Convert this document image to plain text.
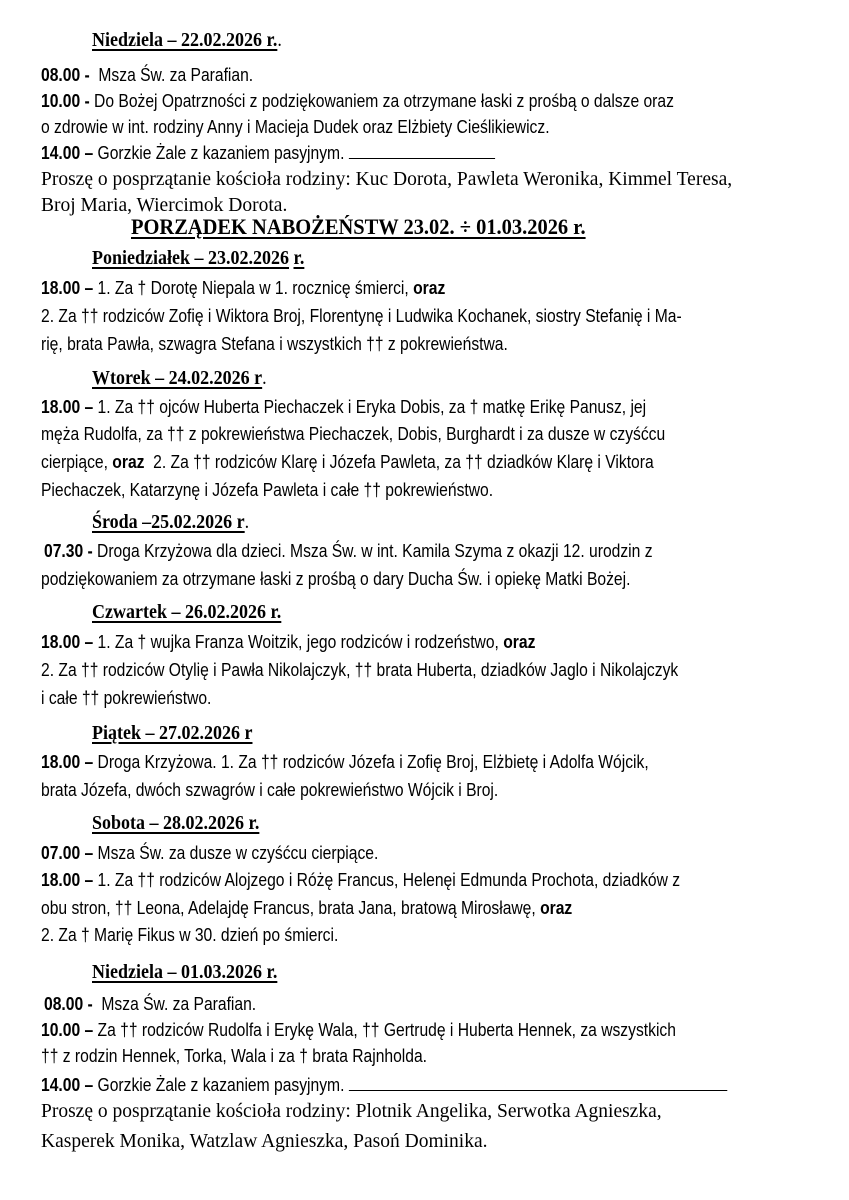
Niedziela – 22.02.2026 r..
08.00 -  Msza Św. za Parafian.
10.00 - Do Bożej Opatrzności z podziękowaniem za otrzymane łaski z prośbą o dalsze oraz
o zdrowie w int. rodziny Anny i Macieja Dudek oraz Elżbiety Cieślikiewicz.
14.00 – Gorzkie Żale z kazaniem pasyjnym.
Proszę o posprzątanie kościoła rodziny: Kuc Dorota, Pawleta Weronika, Kimmel Teresa,
Broj Maria, Wiercimok Dorota.
PORZĄDEK NABOŻEŃSTW 23.02. ÷ 01.03.2026 r.
Poniedziałek – 23.02.2026 r.
18.00 – 1. Za † Dorotę Niepala w 1. rocznicę śmierci, oraz
2. Za †† rodziców Zofię i Wiktora Broj, Florentynę i Ludwika Kochanek, siostry Stefanię i Ma-
rię, brata Pawła, szwagra Stefana i wszystkich †† z pokrewieństwa.
Wtorek – 24.02.2026 r.
18.00 – 1. Za †† ojców Huberta Piechaczek i Eryka Dobis, za † matkę Erikę Panusz, jej
męża Rudolfa, za †† z pokrewieństwa Piechaczek, Dobis, Burghardt i za dusze w czyśćcu
cierpiące, oraz  2. Za †† rodziców Klarę i Józefa Pawleta, za †† dziadków Klarę i Viktora
Piechaczek, Katarzynę i Józefa Pawleta i całe †† pokrewieństwo.
Środa –25.02.2026 r.
07.30 - Droga Krzyżowa dla dzieci. Msza Św. w int. Kamila Szyma z okazji 12. urodzin z
podziękowaniem za otrzymane łaski z prośbą o dary Ducha Św. i opiekę Matki Bożej.
Czwartek – 26.02.2026 r.
18.00 – 1. Za † wujka Franza Woitzik, jego rodziców i rodzeństwo, oraz
2. Za †† rodziców Otylię i Pawła Nikolajczyk, †† brata Huberta, dziadków Jaglo i Nikolajczyk
i całe †† pokrewieństwo.
Piątek – 27.02.2026 r
18.00 – Droga Krzyżowa. 1. Za †† rodziców Józefa i Zofię Broj, Elżbietę i Adolfa Wójcik,
brata Józefa, dwóch szwagrów i całe pokrewieństwo Wójcik i Broj.
Sobota – 28.02.2026 r.
07.00 – Msza Św. za dusze w czyśćcu cierpiące.
18.00 – 1. Za †† rodziców Alojzego i Różę Francus, Helenęi Edmunda Prochota, dziadków z
obu stron, †† Leona, Adelajdę Francus, brata Jana, bratową Mirosławę, oraz
2. Za † Marię Fikus w 30. dzień po śmierci.
Niedziela – 01.03.2026 r.
08.00 -  Msza Św. za Parafian.
10.00 – Za †† rodziców Rudolfa i Erykę Wala, †† Gertrudę i Huberta Hennek, za wszystkich
†† z rodzin Hennek, Torka, Wala i za † brata Rajnholda.
14.00 – Gorzkie Żale z kazaniem pasyjnym.
Proszę o posprzątanie kościoła rodziny: Plotnik Angelika, Serwotka Agnieszka,
Kasperek Monika, Watzlaw Agnieszka, Pasoń Dominika.
